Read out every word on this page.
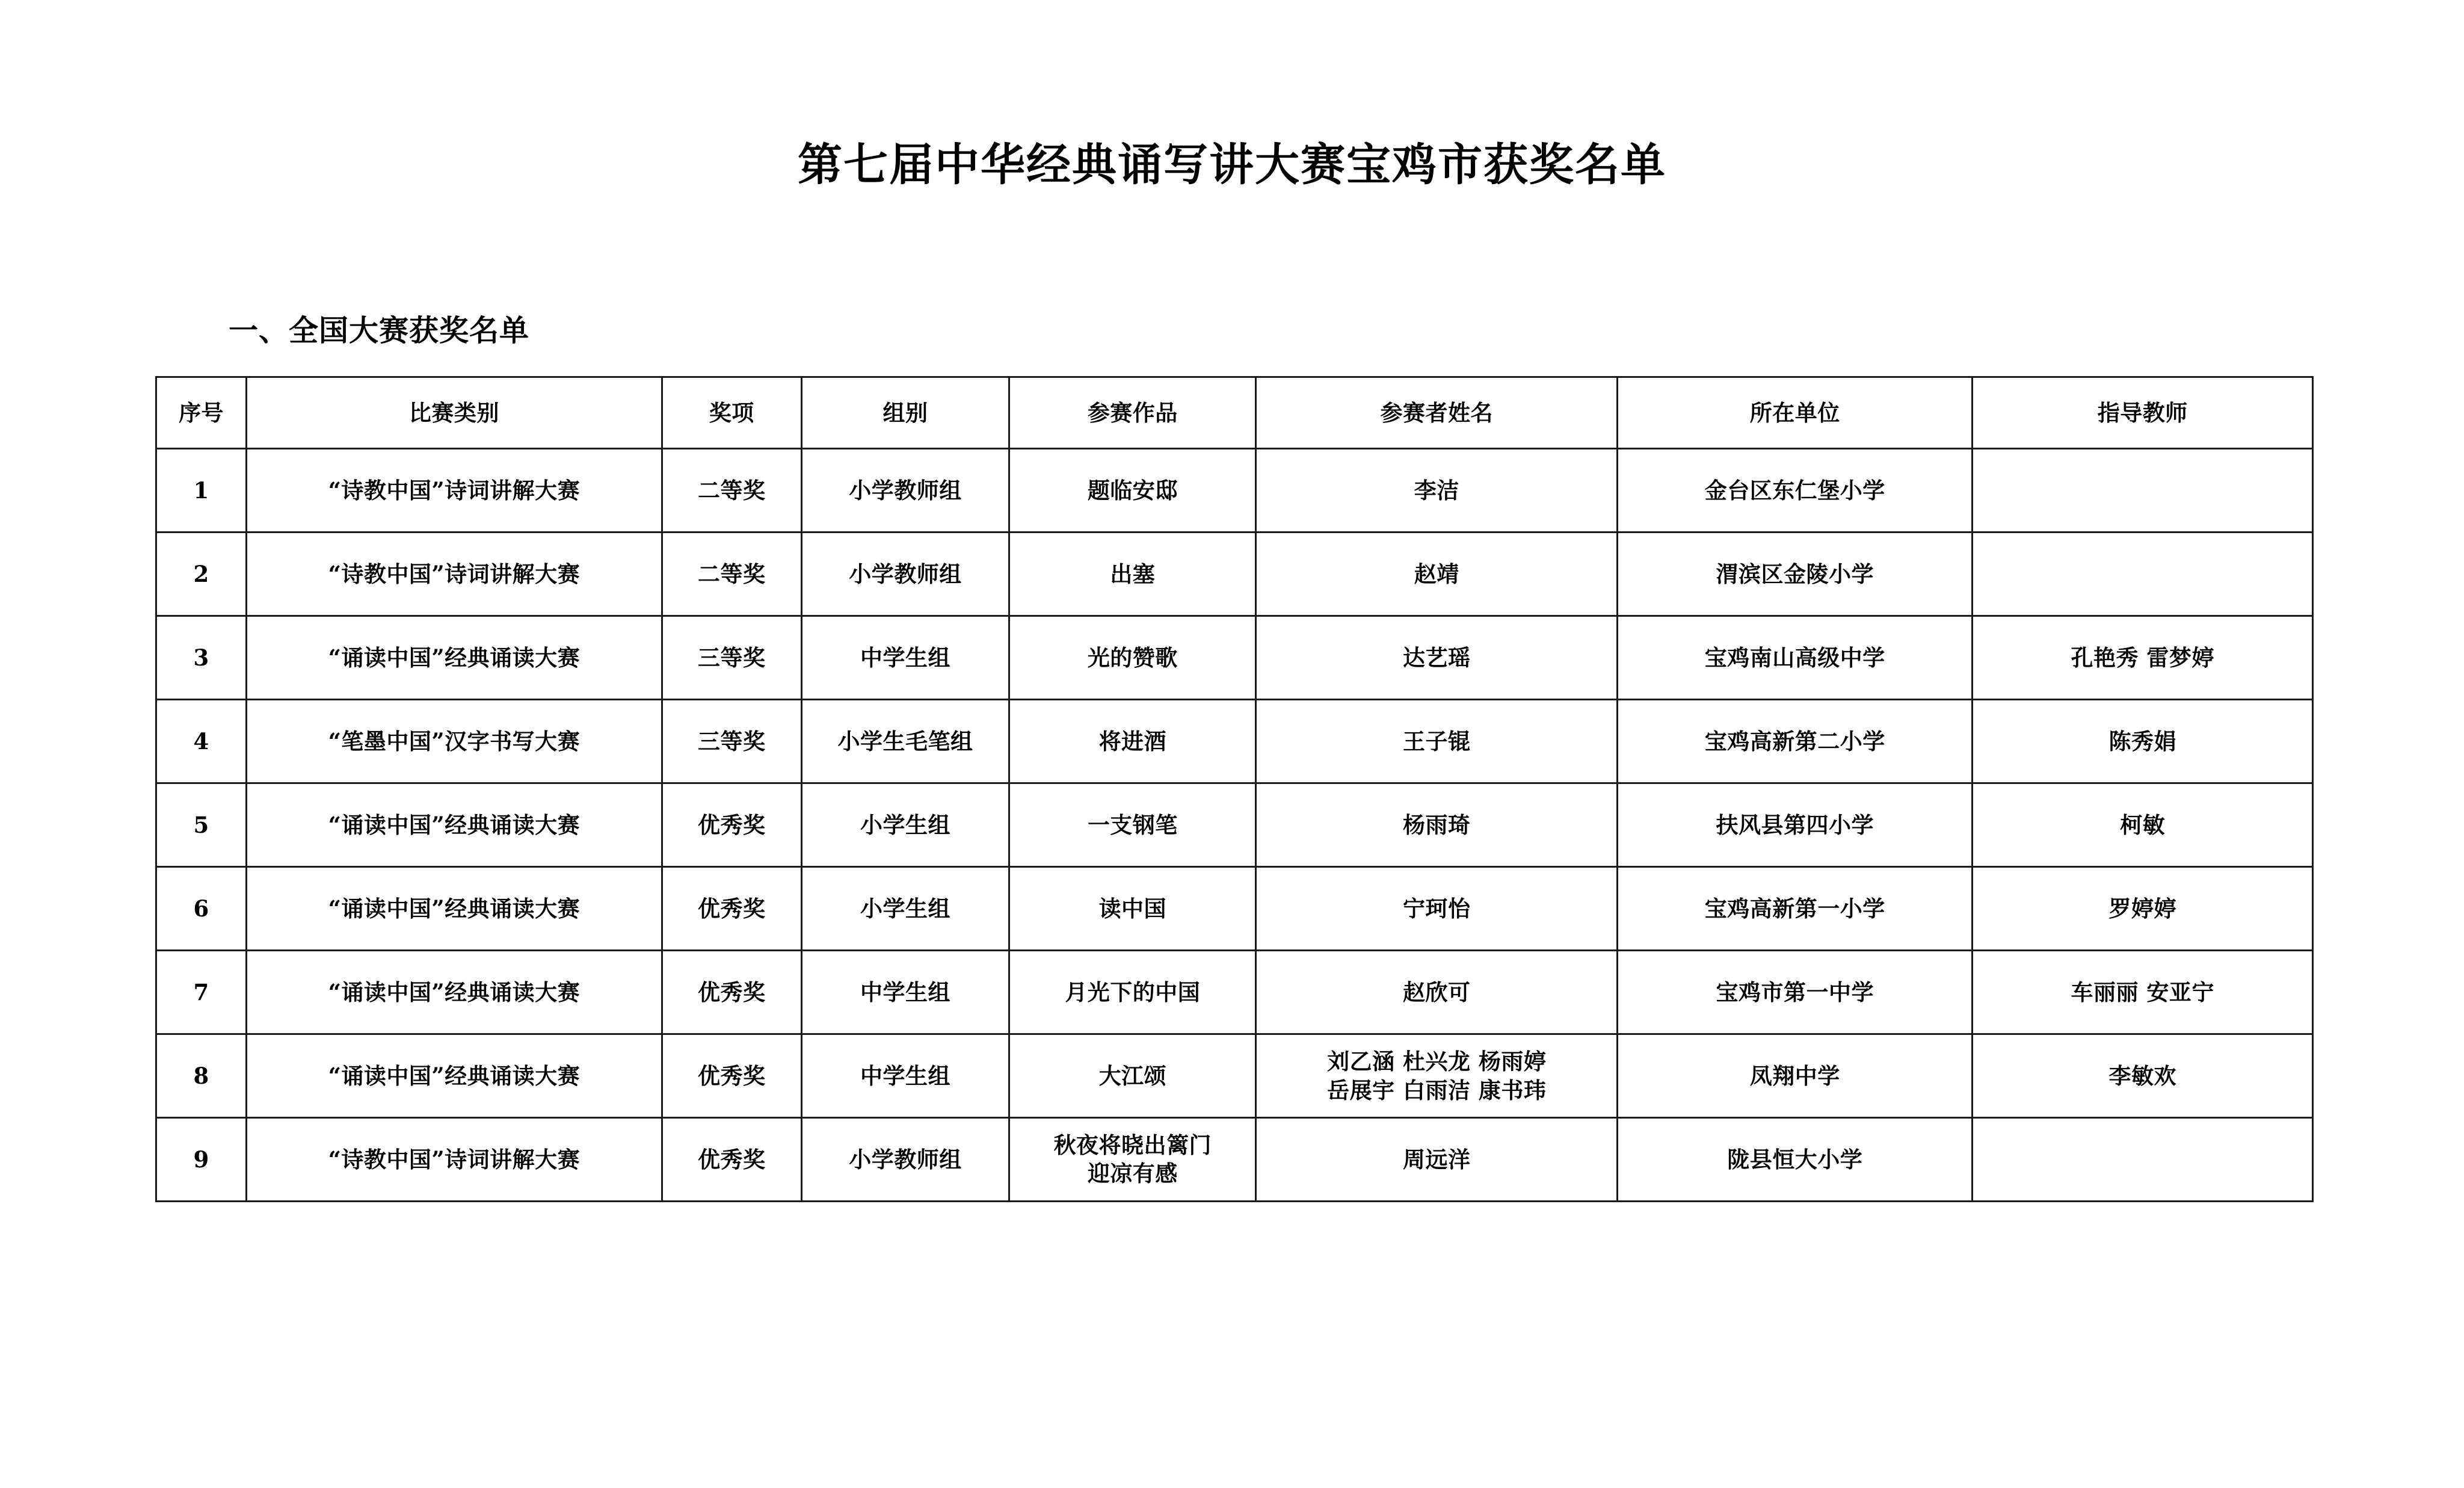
第七届中华经典诵写讲大赛宝鸡市获奖名单
一、全国大赛获奖名单
序号	比赛类别	奖项	组别	参赛作品	参赛者姓名	所在单位	指导教师
1	“诗教中国”诗词讲解大赛	二等奖	小学教师组	题临安邸	李洁	金台区东仁堡小学	
2	“诗教中国”诗词讲解大赛	二等奖	小学教师组	出塞	赵靖	渭滨区金陵小学	
3	“诵读中国”经典诵读大赛	三等奖	中学生组	光的赞歌	达艺瑶	宝鸡南山高级中学	孔艳秀 雷梦婷
4	“笔墨中国”汉字书写大赛	三等奖	小学生毛笔组	将进酒	王子锟	宝鸡高新第二小学	陈秀娟
5	“诵读中国”经典诵读大赛	优秀奖	小学生组	一支钢笔	杨雨琦	扶风县第四小学	柯敏
6	“诵读中国”经典诵读大赛	优秀奖	小学生组	读中国	宁珂怡	宝鸡高新第一小学	罗婷婷
7	“诵读中国”经典诵读大赛	优秀奖	中学生组	月光下的中国	赵欣可	宝鸡市第一中学	车丽丽 安亚宁
8	“诵读中国”经典诵读大赛	优秀奖	中学生组	大江颂	刘乙涵 杜兴龙 杨雨婷
岳展宇 白雨洁 康书玮	凤翔中学	李敏欢
9	“诗教中国”诗词讲解大赛	优秀奖	小学教师组	秋夜将晓出篱门
迎凉有感	周远洋	陇县恒大小学	
